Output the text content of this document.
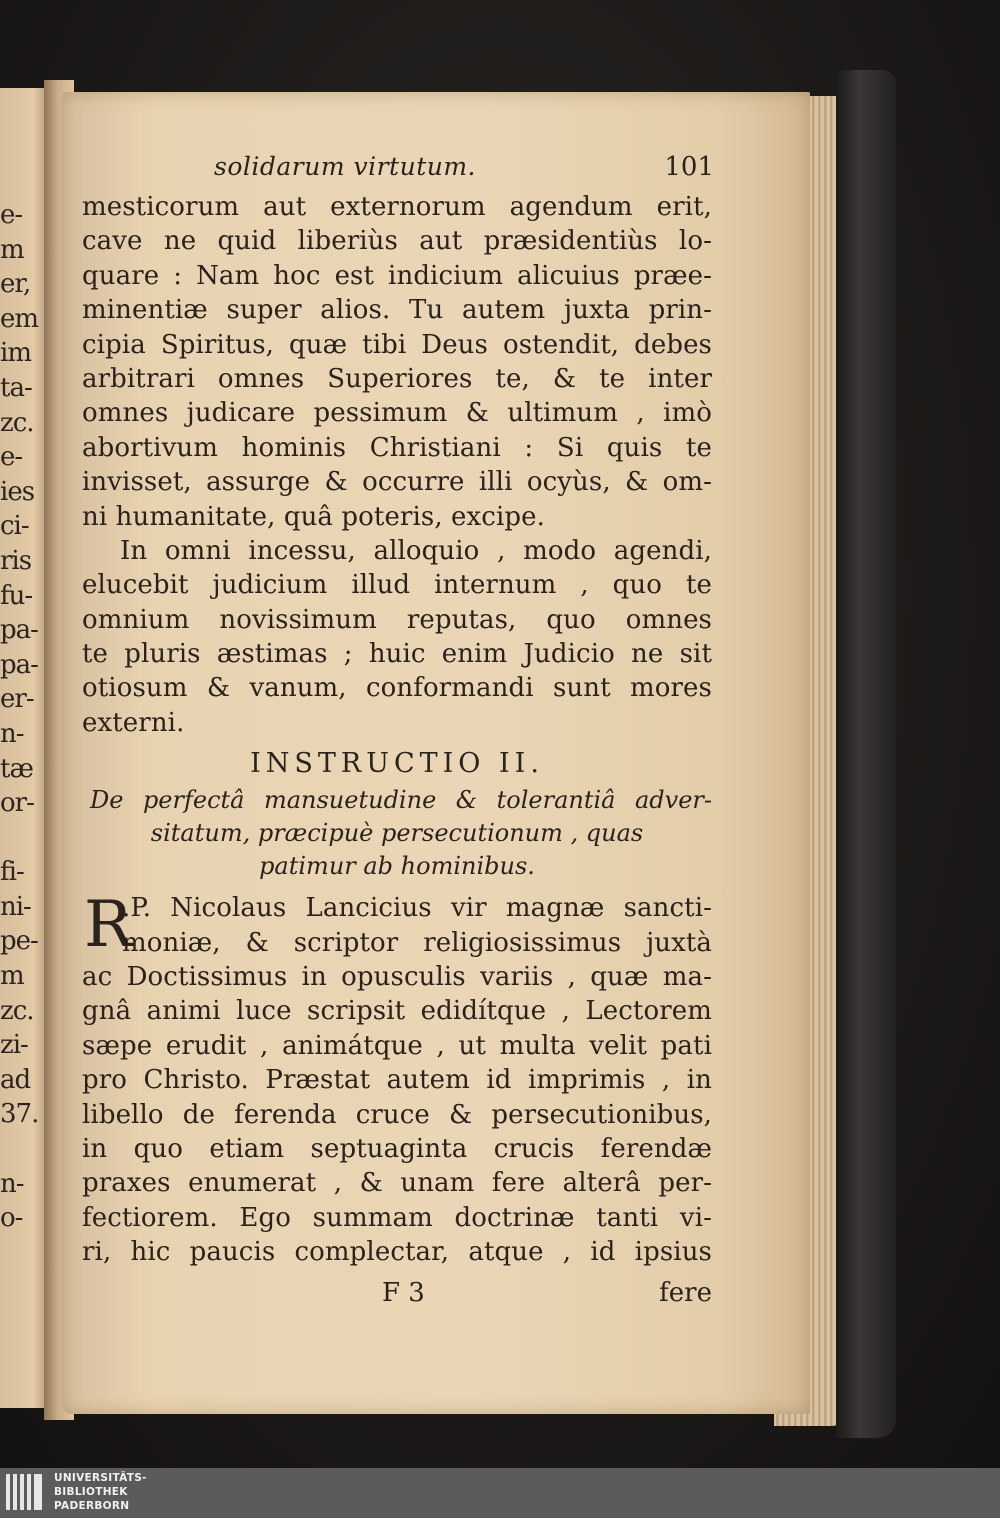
e-
m
er,
em
im
ta-
zc.
e-
ies
ci-
ris
fu-
pa-
pa-
er-
n-
tæ
or-
fi-
ni-
pe-
m
zc.
zi-
ad
37.
n-
o-
solidarum virtutum.	101
mesticorum aut externorum agendum erit,
cave ne quid liberiùs aut præsidentiùs lo-
quare : Nam hoc est indicium alicuius præe-
minentiæ super alios. Tu autem juxta prin-
cipia Spiritus, quæ tibi Deus ostendit, debes
arbitrari omnes Superiores te, & te inter
omnes judicare pessimum & ultimum , imò
abortivum hominis Christiani : Si quis te
invisset, assurge & occurre illi ocyùs, & om-
ni humanitate, quâ poteris, excipe.
In omni incessu, alloquio , modo agendi,
elucebit judicium illud internum , quo te
omnium novissimum reputas, quo omnes
te pluris æstimas ; huic enim Judicio ne sit
otiosum & vanum, conformandi sunt mores
externi.
INSTRUCTIO II.
De perfectâ mansuetudine & tolerantiâ adver-
sitatum, præcipuè persecutionum , quas
patimur ab hominibus.
R
.P. Nicolaus Lancicius vir magnæ sancti-
moniæ, & scriptor religiosissimus juxtà
ac Doctissimus in opusculis variis , quæ ma-
gnâ animi luce scripsit edidítque , Lectorem
sæpe erudit , animátque , ut multa velit pati
pro Christo. Præstat autem id imprimis , in
libello de ferenda cruce & persecutionibus,
in quo etiam septuaginta crucis ferendæ
praxes enumerat , & unam fere alterâ per-
fectiorem. Ego summam doctrinæ tanti vi-
ri, hic paucis complectar, atque , id ipsius
F 3	fere
UNIVERSITÄTS-
BIBLIOTHEK
PADERBORN
